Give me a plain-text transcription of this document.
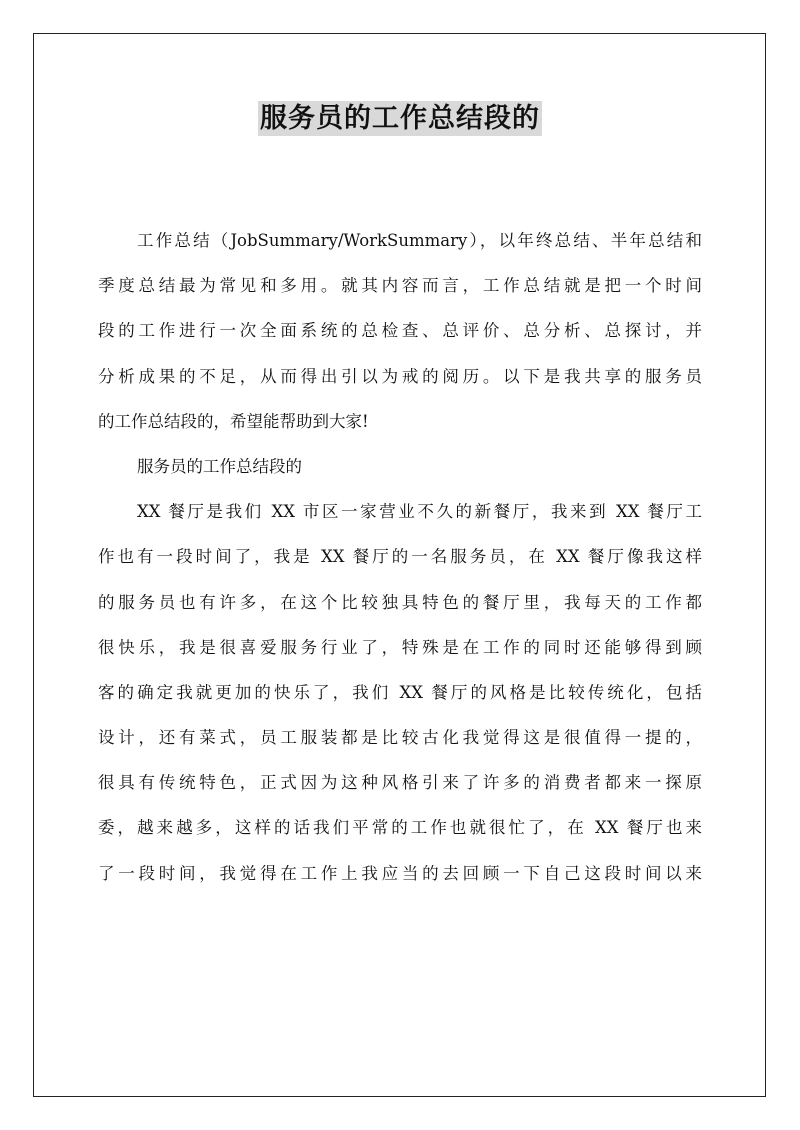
服务员的工作总结段的
工作总结（JobSummary/WorkSummary），以年终总结、半年总结和
季度总结最为常见和多用。就其内容而言，工作总结就是把一个时间
段的工作进行一次全面系统的总检查、总评价、总分析、总探讨，并
分析成果的不足，从而得出引以为戒的阅历。以下是我共享的服务员
的工作总结段的，希望能帮助到大家!
服务员的工作总结段的
XX 餐厅是我们 XX 市区一家营业不久的新餐厅，我来到 XX 餐厅工
作也有一段时间了，我是 XX 餐厅的一名服务员，在 XX 餐厅像我这样
的服务员也有许多，在这个比较独具特色的餐厅里，我每天的工作都
很快乐，我是很喜爱服务行业了，特殊是在工作的同时还能够得到顾
客的确定我就更加的快乐了，我们 XX 餐厅的风格是比较传统化，包括
设计，还有菜式，员工服装都是比较古化我觉得这是很值得一提的，
很具有传统特色，正式因为这种风格引来了许多的消费者都来一探原
委，越来越多，这样的话我们平常的工作也就很忙了，在 XX 餐厅也来
了一段时间，我觉得在工作上我应当的去回顾一下自己这段时间以来
